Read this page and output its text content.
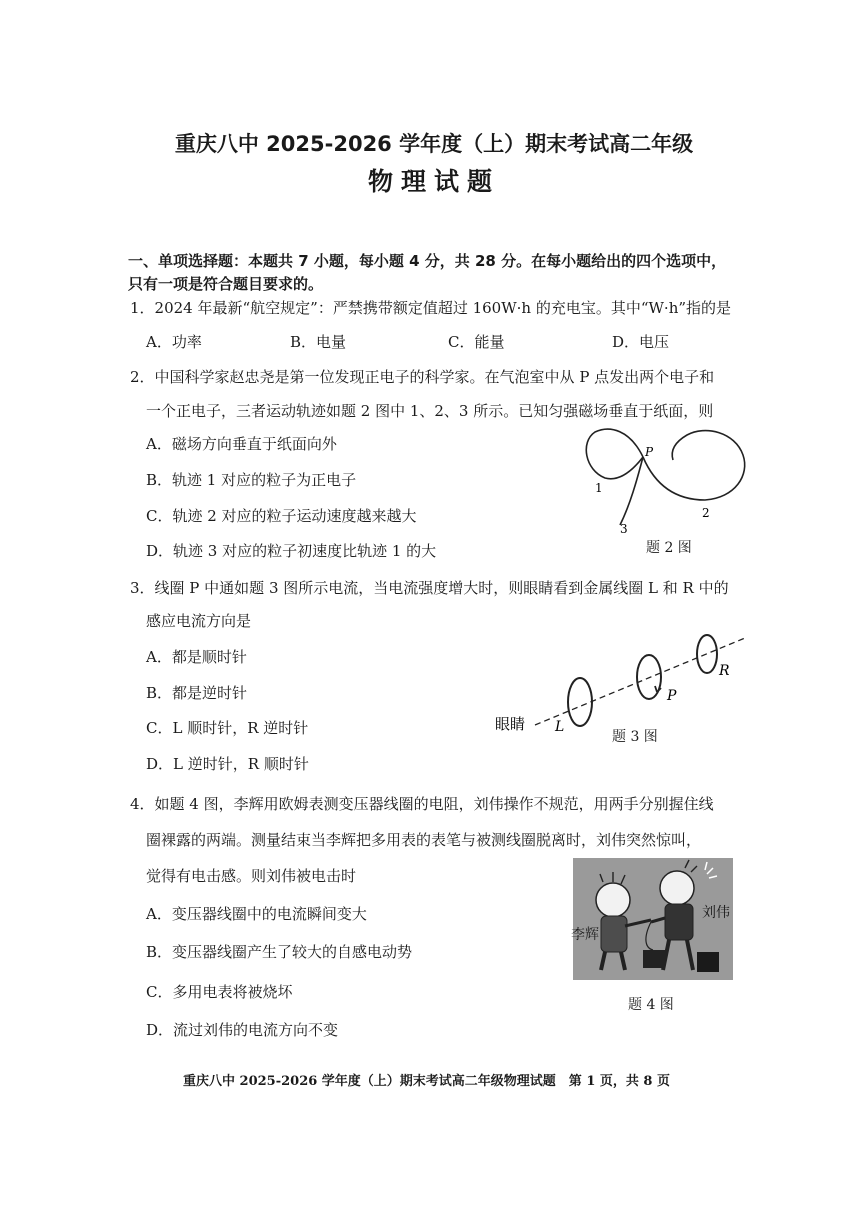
重庆八中 2025-2026 学年度（上）期末考试高二年级
物理试题
一、单项选择题：本题共 7 小题，每小题 4 分，共 28 分。在每小题给出的四个选项中，
只有一项是符合题目要求的。
1．2024 年最新“航空规定”：严禁携带额定值超过 160W·h 的充电宝。其中“W·h”指的是
A．功率	B．电量	C．能量	D．电压
2．中国科学家赵忠尧是第一位发现正电子的科学家。在气泡室中从 P 点发出两个电子和
一个正电子，三者运动轨迹如题 2 图中 1、2、3 所示。已知匀强磁场垂直于纸面，则
A．磁场方向垂直于纸面向外
B．轨迹 1 对应的粒子为正电子
C．轨迹 2 对应的粒子运动速度越来越大
D．轨迹 3 对应的粒子初速度比轨迹 1 的大
P
1
2
3
题 2 图
3．线圈 P 中通如题 3 图所示电流，当电流强度增大时，则眼睛看到金属线圈 L 和 R 中的
感应电流方向是
A．都是顺时针
B．都是逆时针
C．L 顺时针，R 逆时针
D．L 逆时针，R 顺时针
眼睛 L
P
R
题 3 图
4．如题 4 图，李辉用欧姆表测变压器线圈的电阻，刘伟操作不规范，用两手分别握住线
圈裸露的两端。测量结束当李辉把多用表的表笔与被测线圈脱离时，刘伟突然惊叫，
觉得有电击感。则刘伟被电击时
A．变压器线圈中的电流瞬间变大
B．变压器线圈产生了较大的自感电动势
C．多用电表将被烧坏
D．流过刘伟的电流方向不变
李辉
刘伟
题 4 图
重庆八中 2025-2026 学年度（上）期末考试高二年级物理试题　第 1 页，共 8 页
